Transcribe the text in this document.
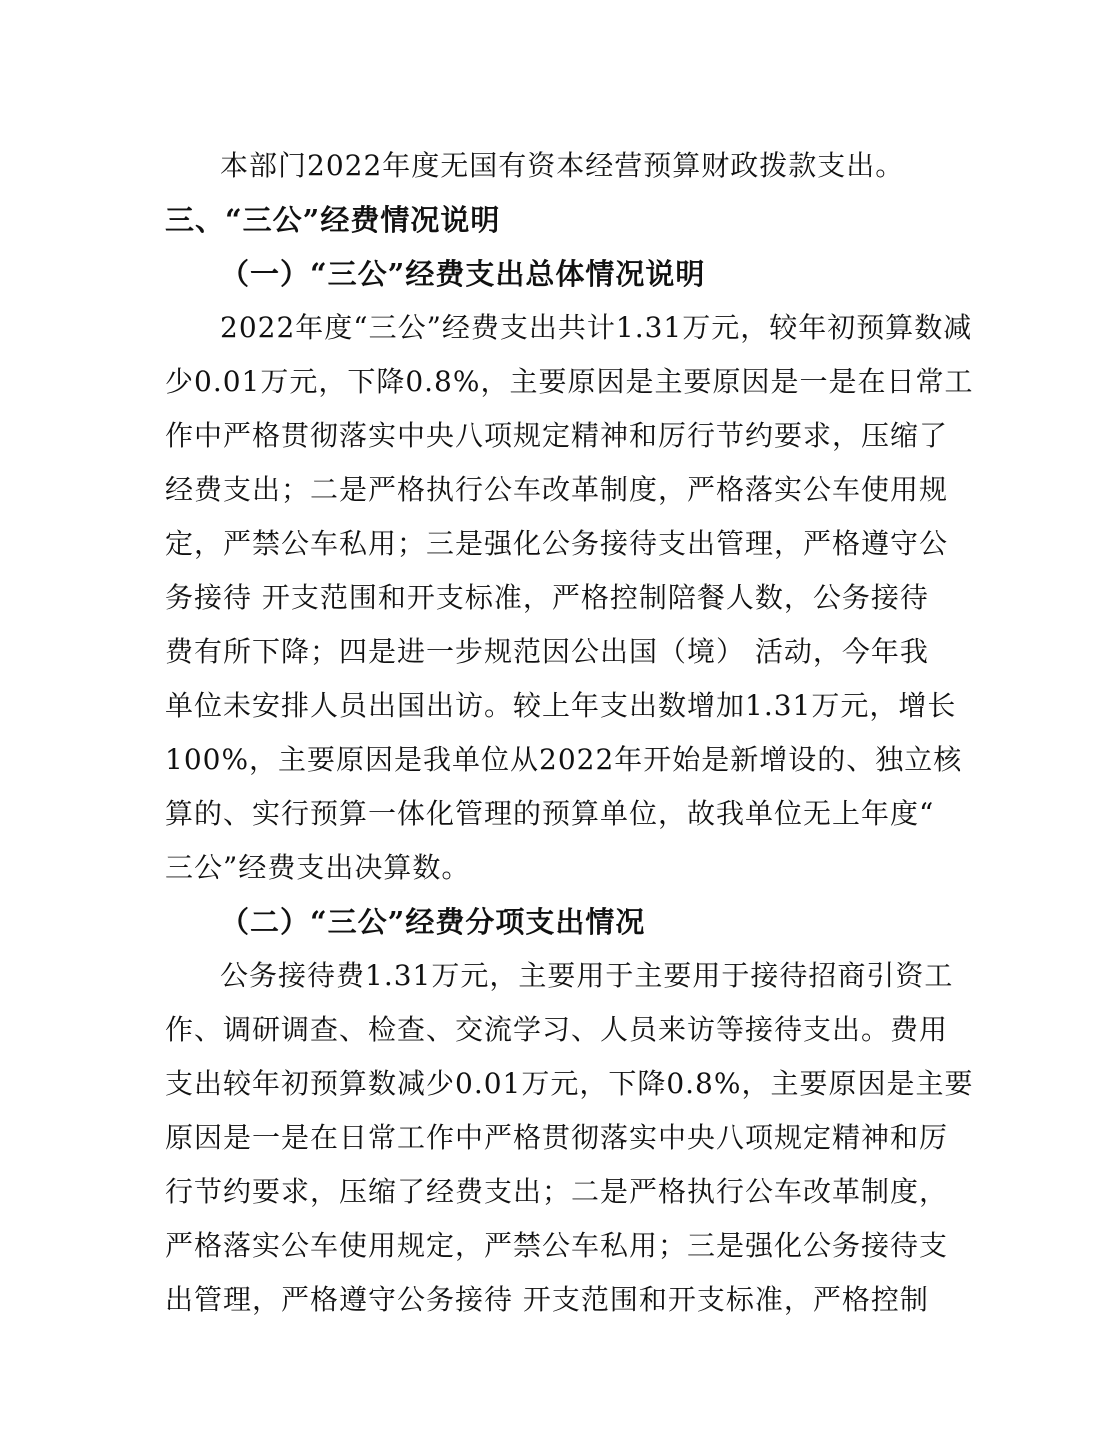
本部门2022年度无国有资本经营预算财政拨款支出。
三、“三公”经费情况说明
（一）“三公”经费支出总体情况说明
2022年度“三公”经费支出共计1.31万元，较年初预算数减
少0.01万元，下降0.8%，主要原因是主要原因是一是在日常工
作中严格贯彻落实中央八项规定精神和厉行节约要求，压缩了
经费支出；二是严格执行公车改革制度，严格落实公车使用规
定，严禁公车私用；三是强化公务接待支出管理，严格遵守公
务接待 开支范围和开支标准，严格控制陪餐人数，公务接待
费有所下降；四是进一步规范因公出国（境） 活动，今年我
单位未安排人员出国出访。较上年支出数增加1.31万元，增长
100%，主要原因是我单位从2022年开始是新增设的、独立核
算的、实行预算一体化管理的预算单位，故我单位无上年度“
三公”经费支出决算数。
（二）“三公”经费分项支出情况
公务接待费1.31万元，主要用于主要用于接待招商引资工
作、调研调查、检查、交流学习、人员来访等接待支出。费用
支出较年初预算数减少0.01万元，下降0.8%，主要原因是主要
原因是一是在日常工作中严格贯彻落实中央八项规定精神和厉
行节约要求，压缩了经费支出；二是严格执行公车改革制度，
严格落实公车使用规定，严禁公车私用；三是强化公务接待支
出管理，严格遵守公务接待 开支范围和开支标准，严格控制
